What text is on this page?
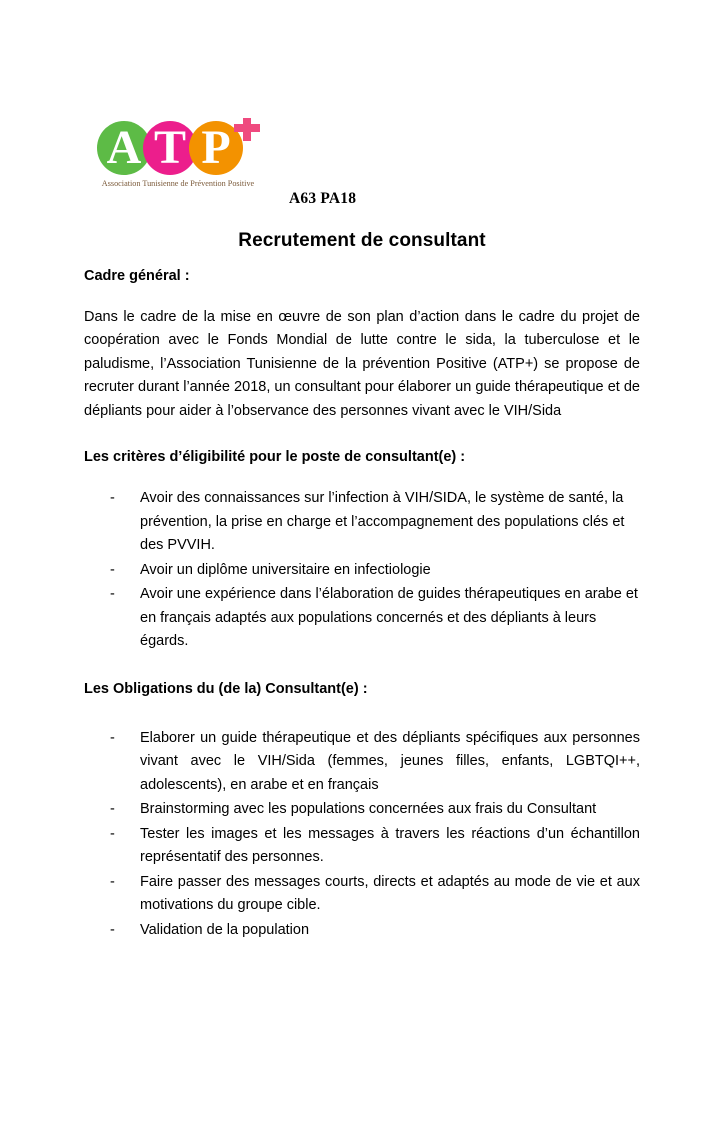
A T P
Association Tunisienne de Prévention Positive
A63 PA18
Recrutement de consultant
Cadre général :

Dans le cadre de la mise en œuvre de son plan d’action dans le cadre du projet de coopération avec le Fonds Mondial de lutte contre le sida, la tuberculose et le paludisme, l’Association Tunisienne de la prévention Positive (ATP+) se propose de recruter durant l’année 2018, un consultant pour élaborer un guide thérapeutique et de dépliants pour aider à l’observance des personnes vivant avec le VIH/Sida

Les critères d’éligibilité pour le poste de consultant(e) :
- Avoir des connaissances sur l’infection à VIH/SIDA, le système de santé, la prévention, la prise en charge et l’accompagnement des populations clés et des PVVIH.
- Avoir un diplôme universitaire en infectiologie
- Avoir une expérience dans l’élaboration de guides thérapeutiques en arabe et en français adaptés aux populations concernés et des dépliants à leurs égards.
Les Obligations du (de la) Consultant(e) :
- Elaborer un guide thérapeutique et des dépliants spécifiques aux personnes vivant avec le VIH/Sida (femmes, jeunes filles, enfants, LGBTQI++, adolescents), en arabe et en français
- Brainstorming avec les populations concernées aux frais du Consultant
- Tester les images et les messages à travers les réactions d’un échantillon représentatif des personnes.
- Faire passer des messages courts, directs et adaptés au mode de vie et aux motivations du groupe cible.
- Validation de la population
